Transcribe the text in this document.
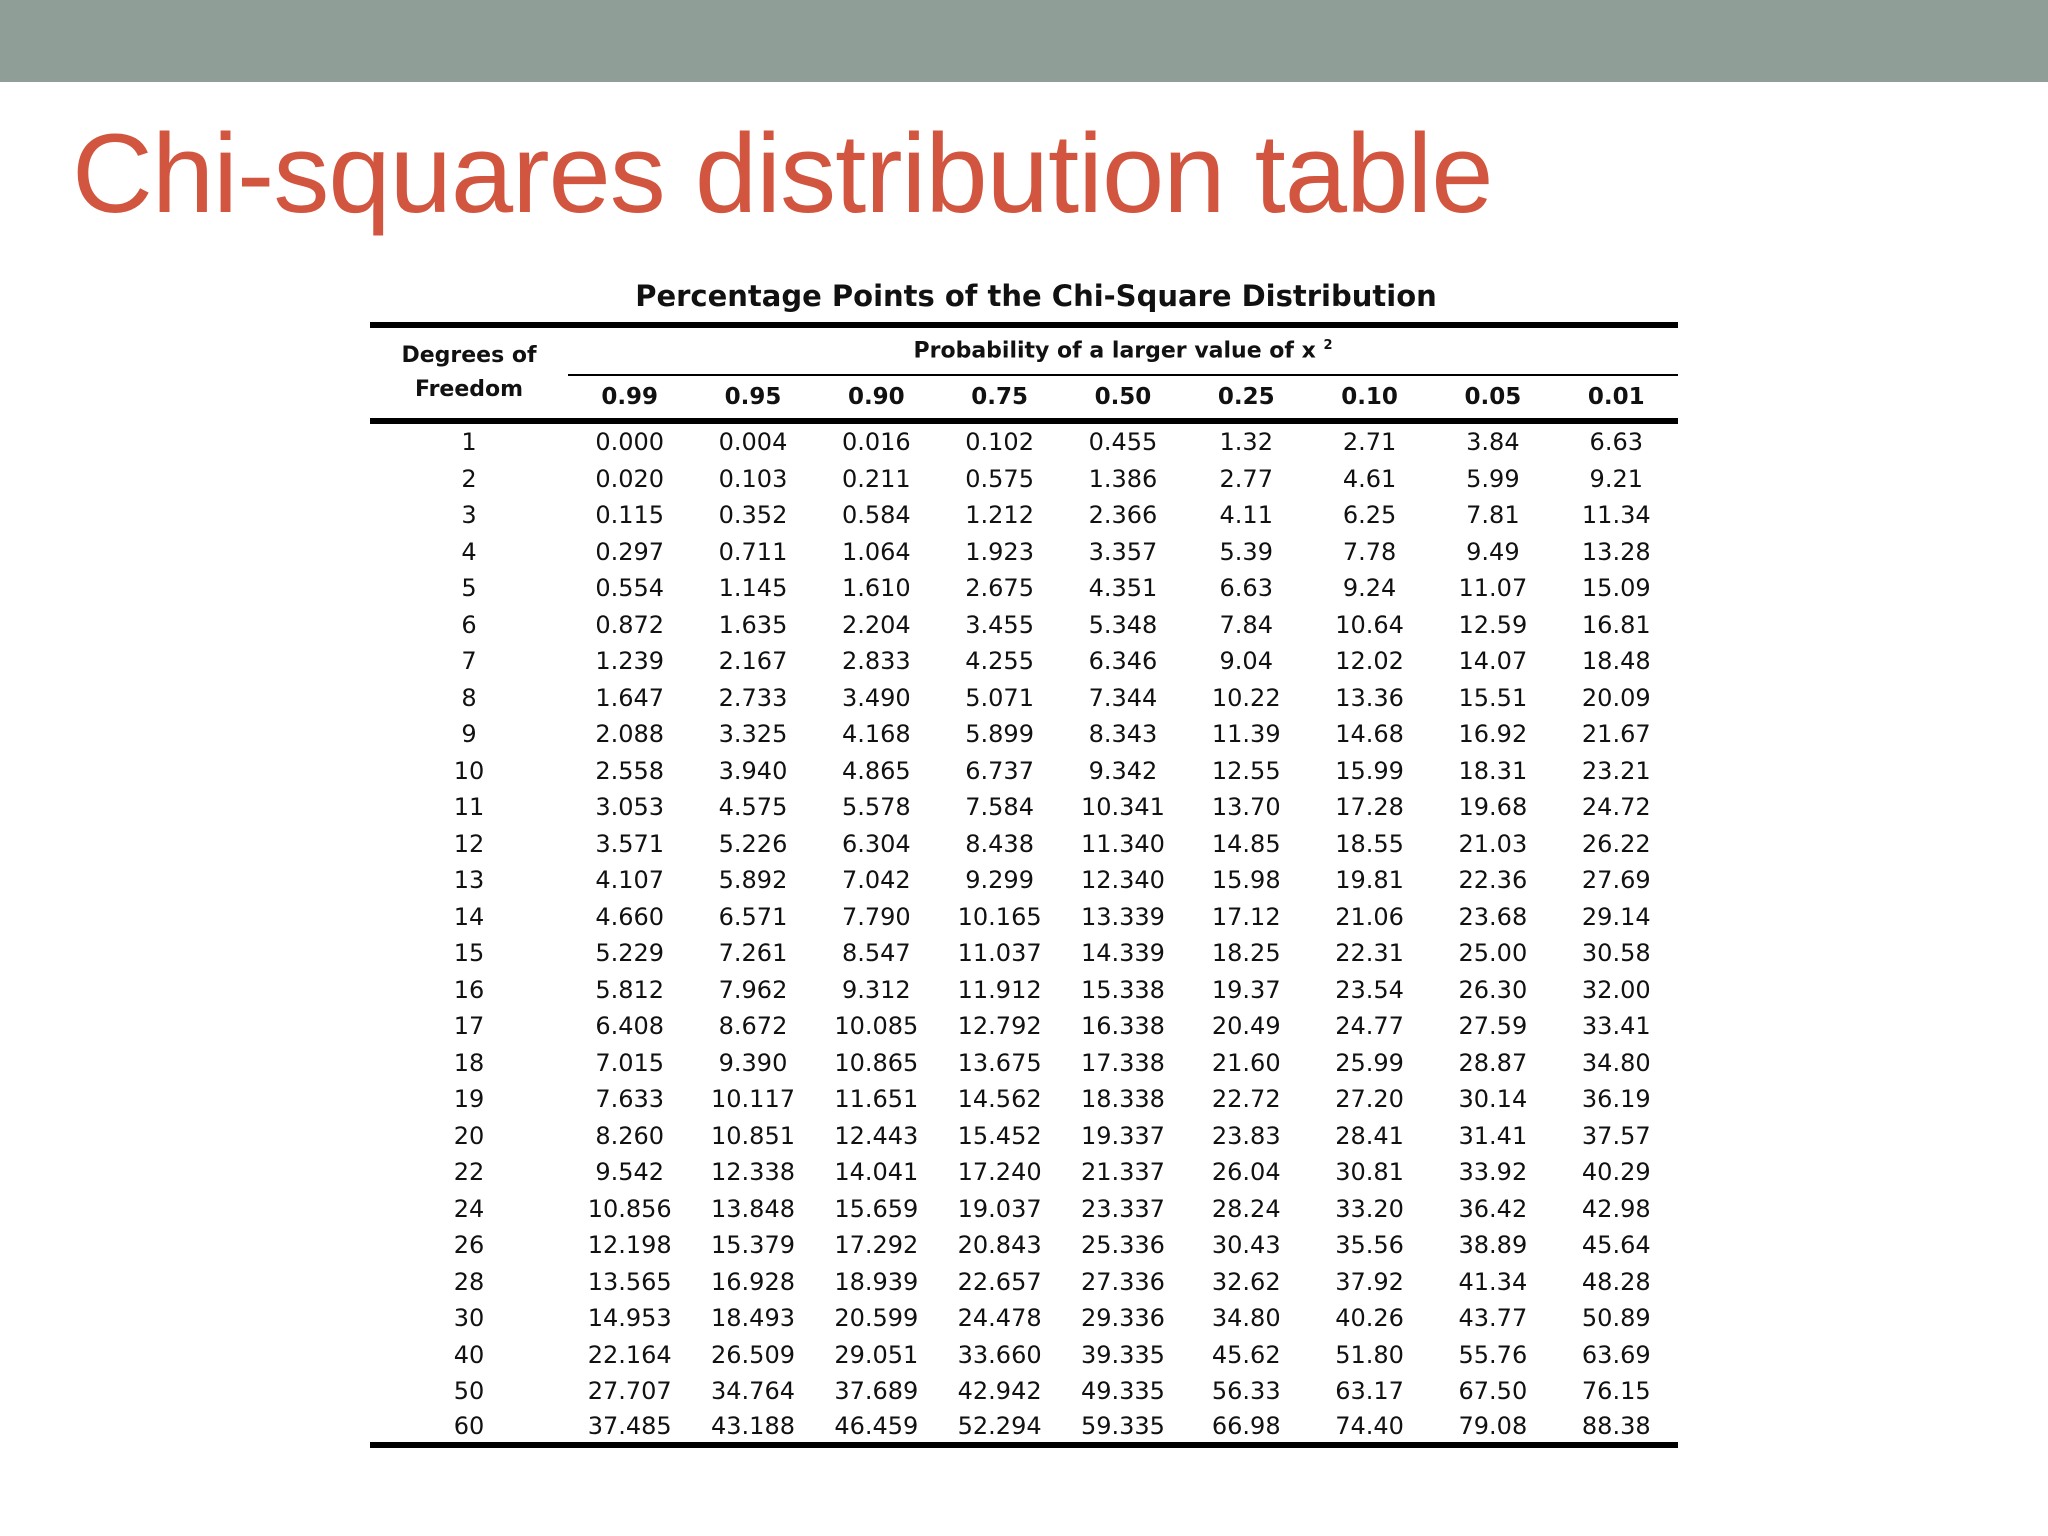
Chi-squares distribution table
Percentage Points of the Chi-Square Distribution
Degrees of
Freedom	Probability of a larger value of x $^2$
	0.99	0.95	0.90	0.75	0.50	0.25	0.10	0.05	0.01
1	0.000	0.004	0.016	0.102	0.455	1.32	2.71	3.84	6.63
2	0.020	0.103	0.211	0.575	1.386	2.77	4.61	5.99	9.21
3	0.115	0.352	0.584	1.212	2.366	4.11	6.25	7.81	11.34
4	0.297	0.711	1.064	1.923	3.357	5.39	7.78	9.49	13.28
5	0.554	1.145	1.610	2.675	4.351	6.63	9.24	11.07	15.09
6	0.872	1.635	2.204	3.455	5.348	7.84	10.64	12.59	16.81
7	1.239	2.167	2.833	4.255	6.346	9.04	12.02	14.07	18.48
8	1.647	2.733	3.490	5.071	7.344	10.22	13.36	15.51	20.09
9	2.088	3.325	4.168	5.899	8.343	11.39	14.68	16.92	21.67
10	2.558	3.940	4.865	6.737	9.342	12.55	15.99	18.31	23.21
11	3.053	4.575	5.578	7.584	10.341	13.70	17.28	19.68	24.72
12	3.571	5.226	6.304	8.438	11.340	14.85	18.55	21.03	26.22
13	4.107	5.892	7.042	9.299	12.340	15.98	19.81	22.36	27.69
14	4.660	6.571	7.790	10.165	13.339	17.12	21.06	23.68	29.14
15	5.229	7.261	8.547	11.037	14.339	18.25	22.31	25.00	30.58
16	5.812	7.962	9.312	11.912	15.338	19.37	23.54	26.30	32.00
17	6.408	8.672	10.085	12.792	16.338	20.49	24.77	27.59	33.41
18	7.015	9.390	10.865	13.675	17.338	21.60	25.99	28.87	34.80
19	7.633	10.117	11.651	14.562	18.338	22.72	27.20	30.14	36.19
20	8.260	10.851	12.443	15.452	19.337	23.83	28.41	31.41	37.57
22	9.542	12.338	14.041	17.240	21.337	26.04	30.81	33.92	40.29
24	10.856	13.848	15.659	19.037	23.337	28.24	33.20	36.42	42.98
26	12.198	15.379	17.292	20.843	25.336	30.43	35.56	38.89	45.64
28	13.565	16.928	18.939	22.657	27.336	32.62	37.92	41.34	48.28
30	14.953	18.493	20.599	24.478	29.336	34.80	40.26	43.77	50.89
40	22.164	26.509	29.051	33.660	39.335	45.62	51.80	55.76	63.69
50	27.707	34.764	37.689	42.942	49.335	56.33	63.17	67.50	76.15
60	37.485	43.188	46.459	52.294	59.335	66.98	74.40	79.08	88.38
